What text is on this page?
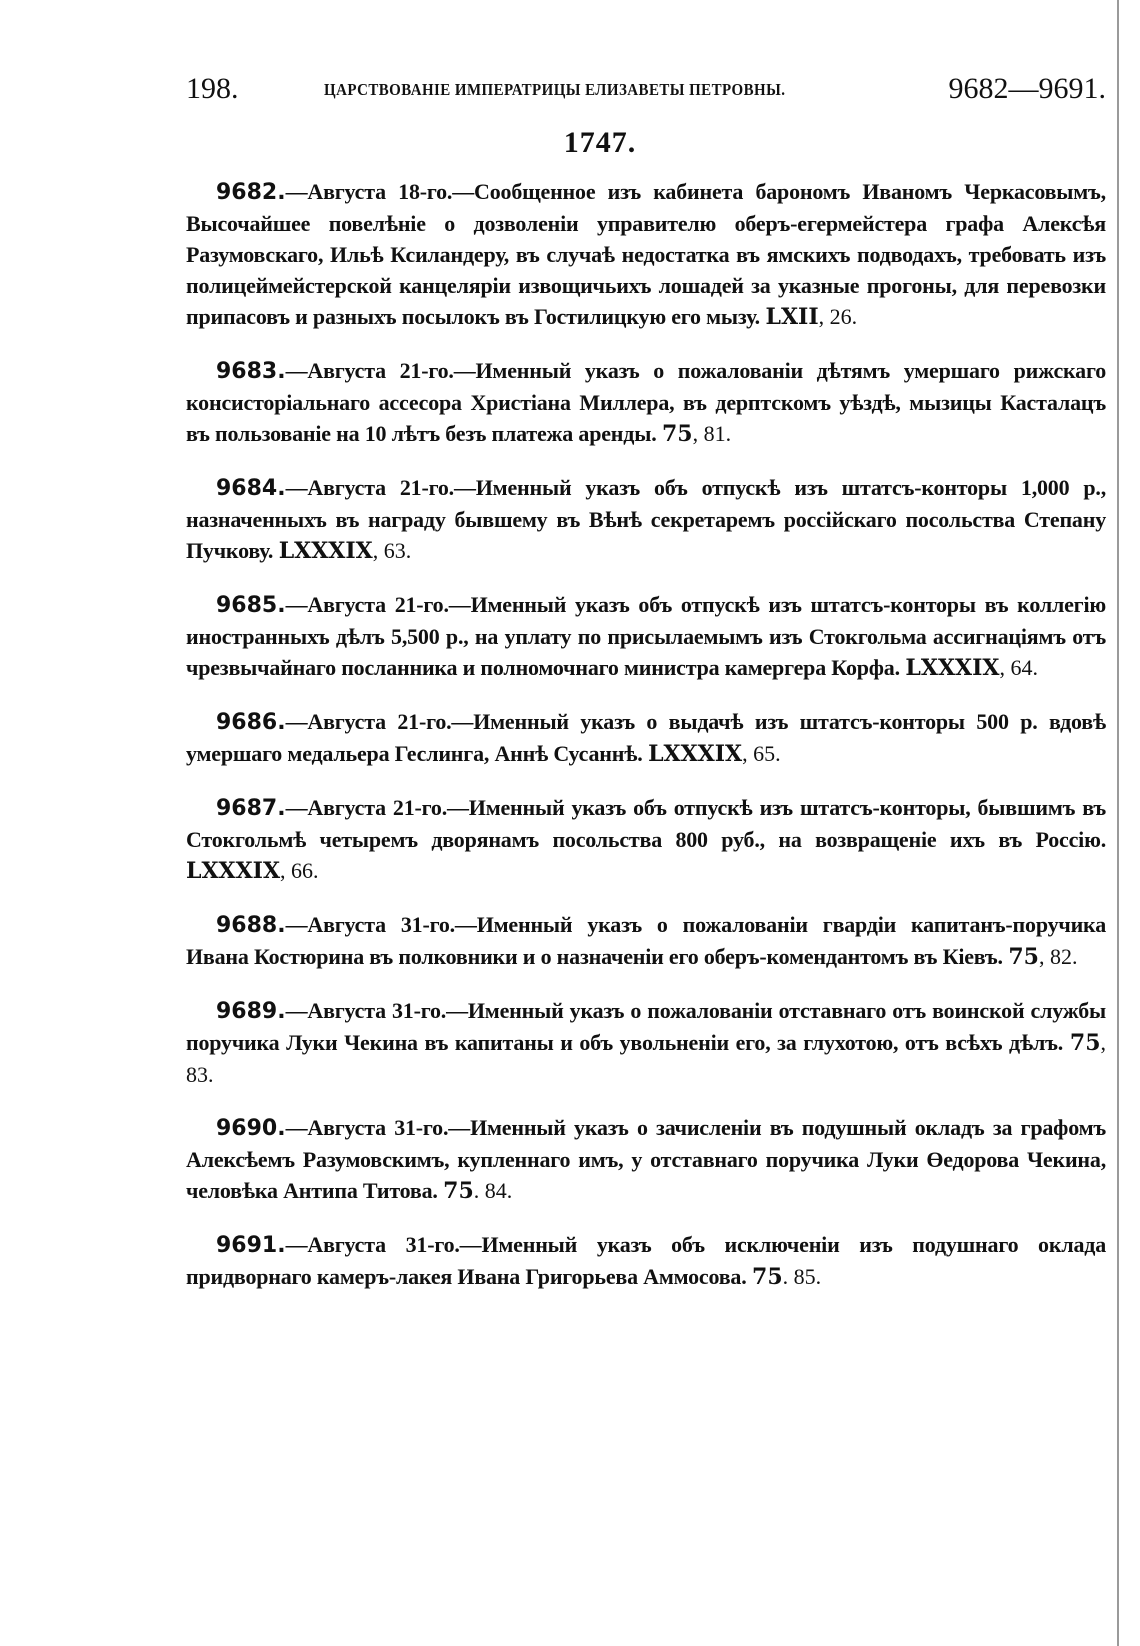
198.	ЦАРСТВОВАНІЕ ИМПЕРАТРИЦЫ ЕЛИЗАВЕТЫ ПЕТРОВНЫ.	9682—9691.
1747.

9682.—Августа 18-го.—Сообщенное изъ кабинета барономъ Иваномъ Черкасовымъ, Высочайшее повелѣніе о дозволеніи управителю оберъ-егермейстера графа Алексѣя Разумовскаго, Ильѣ Ксиландеру, въ случаѣ недостатка въ ямскихъ подводахъ, требовать изъ полицеймейстерской канцеляріи извощичьихъ лошадей за указные прогоны, для перевозки припасовъ и разныхъ посылокъ въ Гостилицкую его мызу. LXII, 26.

9683.—Августа 21-го.—Именный указъ о пожалованіи дѣтямъ умершаго рижскаго консисторіальнаго ассесора Христіана Миллера, въ дерптскомъ уѣздѣ, мызицы Касталацъ въ пользованіе на 10 лѣтъ безъ платежа аренды. 75, 81.

9684.—Августа 21-го.—Именный указъ объ отпускѣ изъ штатсъ-конторы 1,000 р., назначенныхъ въ награду бывшему въ Вѣнѣ секретаремъ россійскаго посольства Степану Пучкову. LXXXIX, 63.

9685.—Августа 21-го.—Именный указъ объ отпускѣ изъ штатсъ-конторы въ коллегію иностранныхъ дѣлъ 5,500 р., на уплату по присылаемымъ изъ Стокгольма ассигнаціямъ отъ чрезвычайнаго посланника и полномочнаго министра камергера Корфа. LXXXIX, 64.

9686.—Августа 21-го.—Именный указъ о выдачѣ изъ штатсъ-конторы 500 р. вдовѣ умершаго медальера Геслинга, Аннѣ Сусаннѣ. LXXXIX, 65.

9687.—Августа 21-го.—Именный указъ объ отпускѣ изъ штатсъ-конторы, бывшимъ въ Стокгольмѣ четыремъ дворянамъ посольства 800 руб., на возвращеніе ихъ въ Россію. LXXXIX, 66.

9688.—Августа 31-го.—Именный указъ о пожалованіи гвардіи капитанъ-поручика Ивана Костюрина въ полковники и о назначеніи его оберъ-комендантомъ въ Кіевъ. 75, 82.

9689.—Августа 31-го.—Именный указъ о пожалованіи отставнаго отъ воинской службы поручика Луки Чекина въ капитаны и объ увольненіи его, за глухотою, отъ всѣхъ дѣлъ. 75, 83.

9690.—Августа 31-го.—Именный указъ о зачисленіи въ подушный окладъ за графомъ Алексѣемъ Разумовскимъ, купленнаго имъ, у отставнаго поручика Луки Өедорова Чекина, человѣка Антипа Титова. 75. 84.

9691.—Августа 31-го.—Именный указъ объ исключеніи изъ подушнаго оклада придворнаго камеръ-лакея Ивана Григорьева Аммосова. 75. 85.
